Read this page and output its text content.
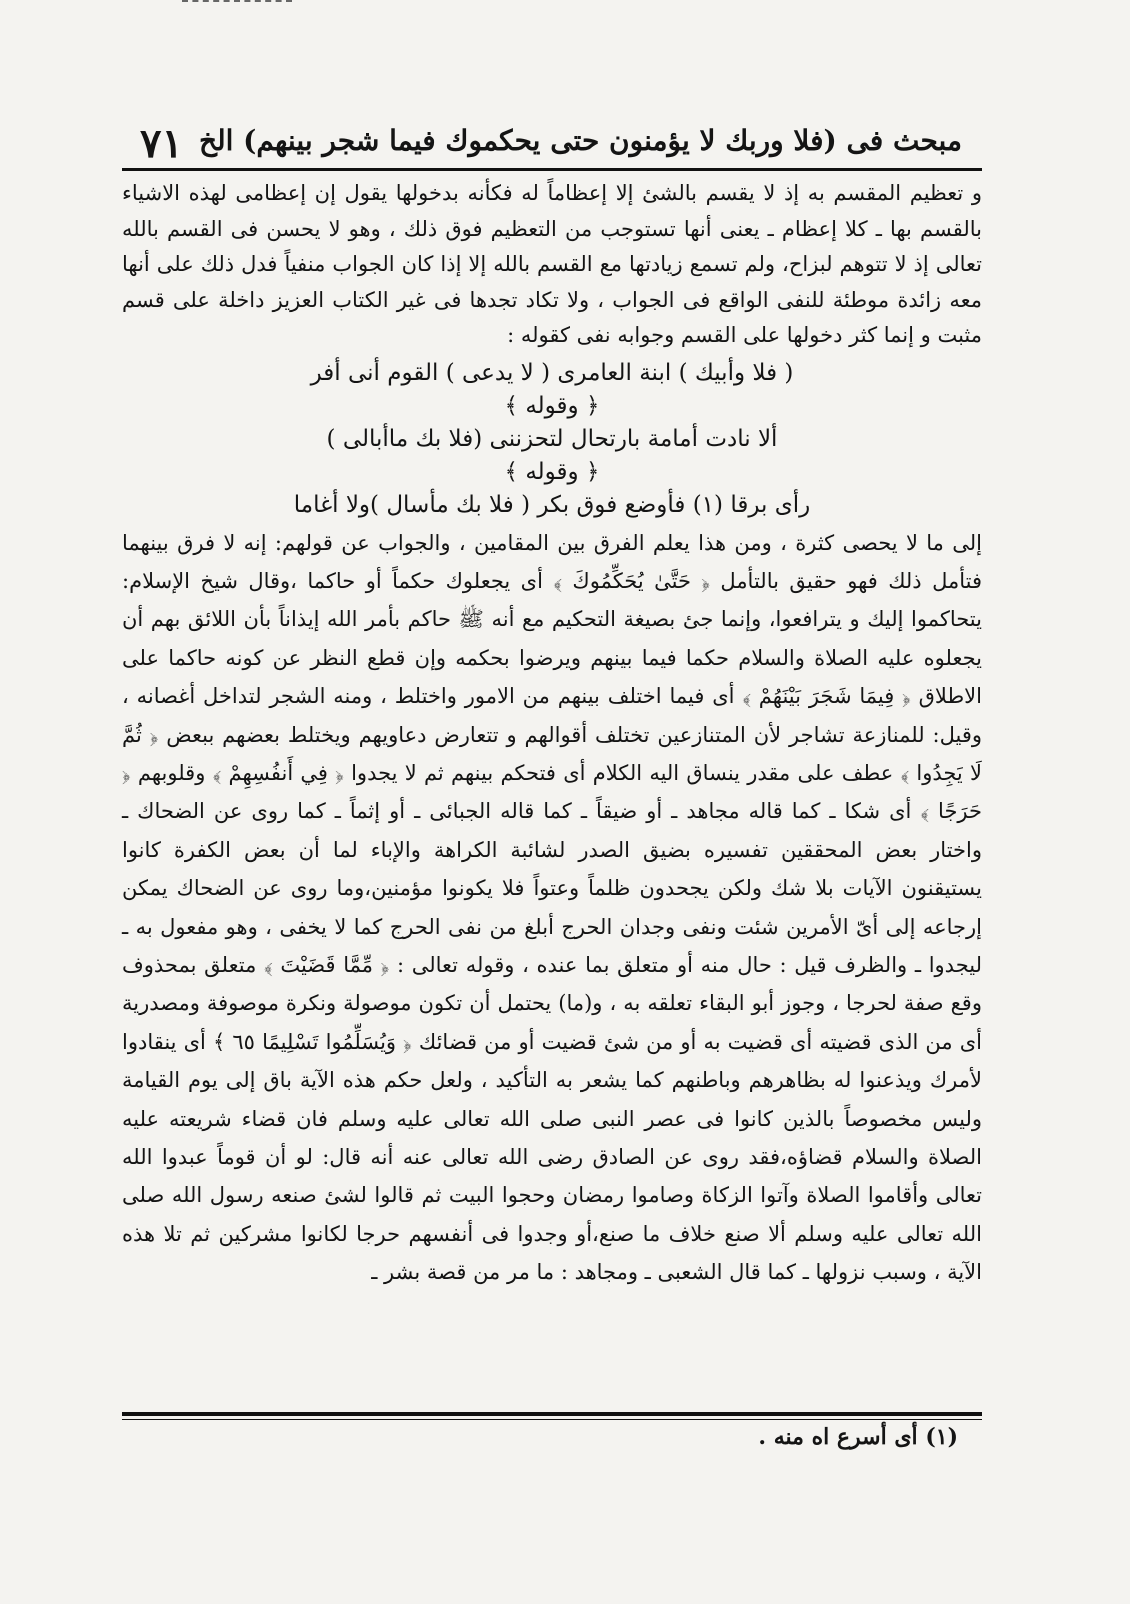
مبحث فى (فلا وربك لا يؤمنون حتى يحكموك فيما شجر بينهم) الخ
٧١

و تعظيم المقسم به إذ لا يقسم بالشئ إلا إعظاماً له فكأنه بدخولها يقول إن إعظامى لهذه الاشياء بالقسم بها ـ كلا إعظام ـ يعنى أنها تستوجب من التعظيم فوق ذلك ، وهو لا يحسن فى القسم بالله تعالى إذ لا تتوهم لبزاح، ولم تسمع زيادتها مع القسم بالله إلا إذا كان الجواب منفياً فدل ذلك على أنها معه زائدة موطئة للنفى الواقع فى الجواب ، ولا تكاد تجدها فى غير الكتاب العزيز داخلة على قسم مثبت و إنما كثر دخولها على القسم وجوابه نفى كقوله :

( فلا وأبيك ) ابنة العامرى ( لا يدعى ) القوم أنى أفر

﴿ وقوله ﴾

ألا نادت أمامة بارتحال لتحزننى (فلا بك ماأبالى )

﴿ وقوله ﴾

رأى برقا (١) فأوضع فوق بكر ( فلا بك مأسال )ولا أغاما

إلى ما لا يحصى كثرة ، ومن هذا يعلم الفرق بين المقامين ، والجواب عن قولهم: إنه لا فرق بينهما فتأمل ذلك فهو حقيق بالتأمل ﴿ حَتَّىٰ يُحَكِّمُوكَ ﴾ أى يجعلوك حكماً أو حاكما ،وقال شيخ الإسلام: يتحاكموا إليك و يترافعوا، وإنما جئ بصيغة التحكيم مع أنه ﷺ حاكم بأمر الله إيذاناً بأن اللائق بهم أن يجعلوه عليه الصلاة والسلام حكما فيما بينهم ويرضوا بحكمه وإن قطع النظر عن كونه حاكما على الاطلاق ﴿ فِيمَا شَجَرَ بَيْنَهُمْ ﴾ أى فيما اختلف بينهم من الامور واختلط ، ومنه الشجر لتداخل أغصانه ، وقيل: للمنازعة تشاجر لأن المتنازعين تختلف أقوالهم و تتعارض دعاويهم ويختلط بعضهم ببعض ﴿ ثُمَّ لَا يَجِدُوا ﴾ عطف على مقدر ينساق اليه الكلام أى فتحكم بينهم ثم لا يجدوا ﴿ فِي أَنفُسِهِمْ ﴾ وقلوبهم ﴿ حَرَجًا ﴾ أى شكا ـ كما قاله مجاهد ـ أو ضيقاً ـ كما قاله الجبائى ـ أو إثماً ـ كما روى عن الضحاك ـ واختار بعض المحققين تفسيره بضيق الصدر لشائبة الكراهة والإباء لما أن بعض الكفرة كانوا يستيقنون الآيات بلا شك ولكن يجحدون ظلماً وعتواً فلا يكونوا مؤمنين،وما روى عن الضحاك يمكن إرجاعه إلى أىّ الأمرين شئت ونفى وجدان الحرج أبلغ من نفى الحرج كما لا يخفى ، وهو مفعول به ـ ليجدوا ـ والظرف قيل : حال منه أو متعلق بما عنده ، وقوله تعالى : ﴿ مِّمَّا قَضَيْتَ ﴾ متعلق بمحذوف وقع صفة لحرجا ، وجوز أبو البقاء تعلقه به ، و(ما) يحتمل أن تكون موصولة ونكرة موصوفة ومصدرية أى من الذى قضيته أى قضيت به أو من شئ قضيت أو من قضائك ﴿ وَيُسَلِّمُوا تَسْلِيمًا ٦٥ ﴾ أى ينقادوا لأمرك ويذعنوا له بظاهرهم وباطنهم كما يشعر به التأكيد ، ولعل حكم هذه الآية باق إلى يوم القيامة وليس مخصوصاً بالذين كانوا فى عصر النبى صلى الله تعالى عليه وسلم فان قضاء شريعته عليه الصلاة والسلام قضاؤه،فقد روى عن الصادق رضى الله تعالى عنه أنه قال: لو أن قوماً عبدوا الله تعالى وأقاموا الصلاة وآتوا الزكاة وصاموا رمضان وحجوا البيت ثم قالوا لشئ صنعه رسول الله صلى الله تعالى عليه وسلم ألا صنع خلاف ما صنع،أو وجدوا فى أنفسهم حرجا لكانوا مشركين ثم تلا هذه الآية ، وسبب نزولها ـ كما قال الشعبى ـ ومجاهد : ما مر من قصة بشر ـ

(١) أى أسرع اه منه .
